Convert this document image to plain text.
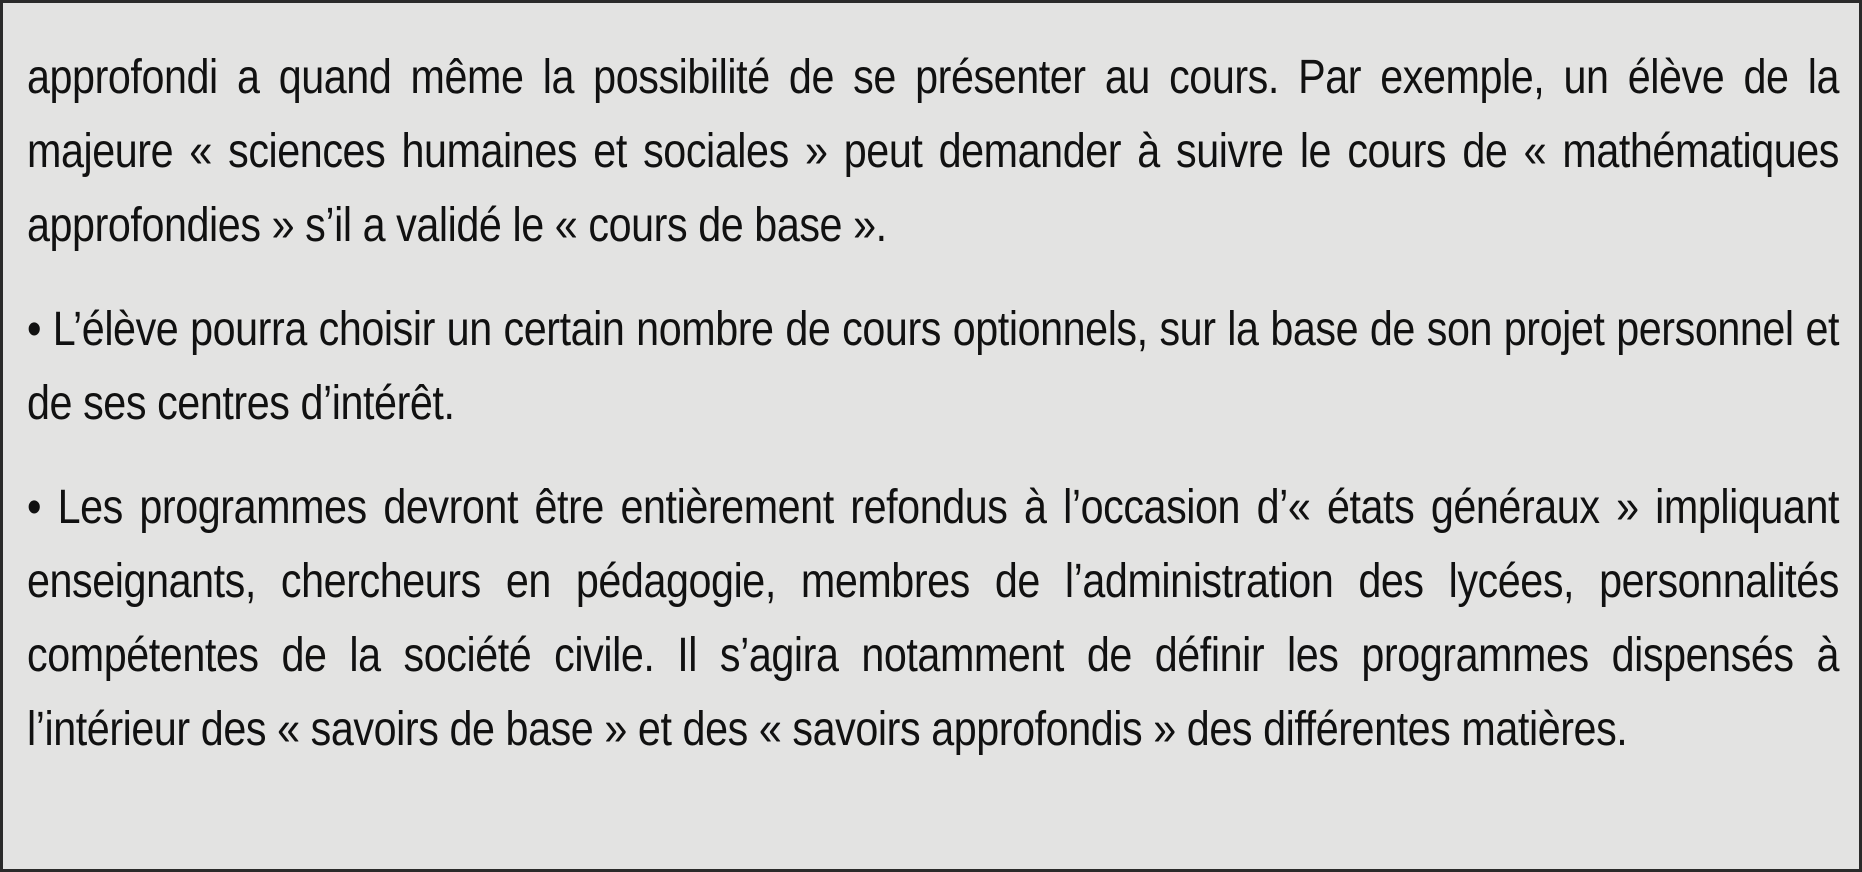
approfondi a quand même la possibilité de se présenter au cours. Par exemple, un élève de la majeure « sciences humaines et sociales » peut demander à suivre le cours de « mathématiques approfondies » s’il a validé le « cours de base ».

• L’élève pourra choisir un certain nombre de cours optionnels, sur la base de son projet personnel et de ses centres d’intérêt.

• Les programmes devront être entièrement refondus à l’occasion d’« états généraux » impliquant enseignants, chercheurs en pédagogie, membres de l’administration des lycées, personnalités compétentes de la société civile. Il s’agira notamment de définir les programmes dispensés à l’intérieur des « savoirs de base » et des « savoirs approfondis » des différentes matières.
